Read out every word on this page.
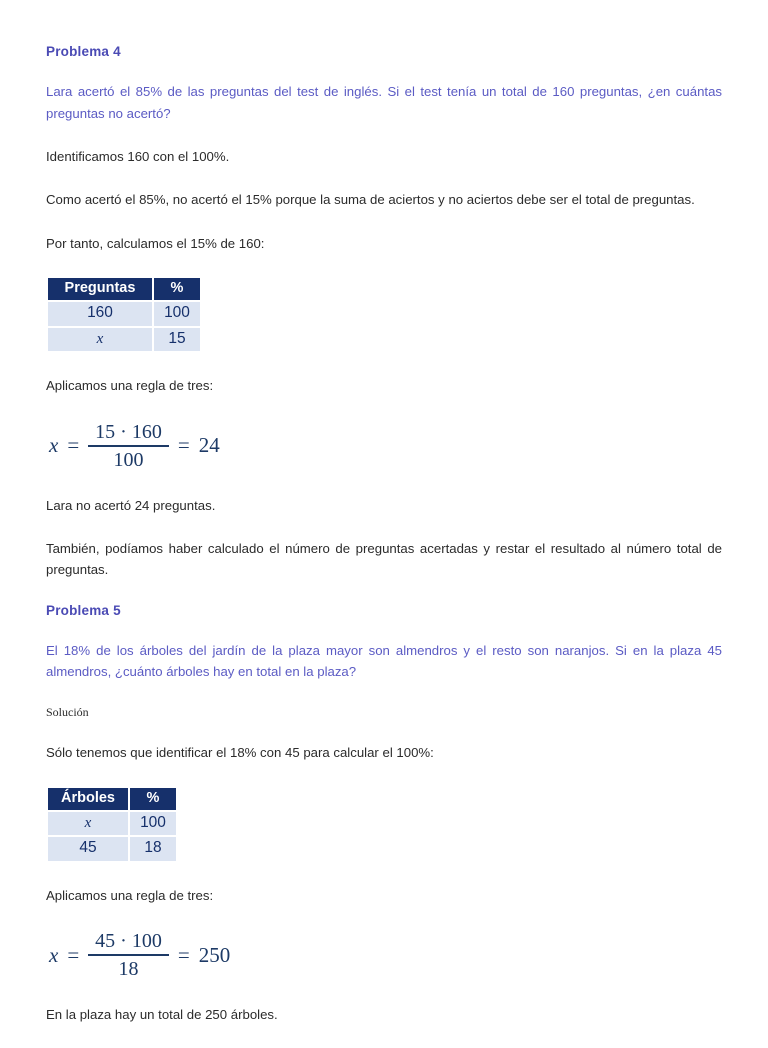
Problema 4

Lara acertó el 85% de las preguntas del test de inglés. Si el test tenía un total de 160 preguntas, ¿en cuántas preguntas no acertó?

Identificamos 160 con el 100%.

Como acertó el 85%, no acertó el 15% porque la suma de aciertos y no aciertos debe ser el total de preguntas.

Por tanto, calculamos el 15% de 160:

Preguntas	%
160	100
x	15

Aplicamos una regla de tres:

$x = \frac{15 \cdot 160}{100} = 24$

Lara no acertó 24 preguntas.

También, podíamos haber calculado el número de preguntas acertadas y restar el resultado al número total de preguntas.

Problema 5

El 18% de los árboles del jardín de la plaza mayor son almendros y el resto son naranjos. Si en la plaza 45 almendros, ¿cuánto árboles hay en total en la plaza?

Solución

Sólo tenemos que identificar el 18% con 45 para calcular el 100%:

Árboles	%
x	100
45	18

Aplicamos una regla de tres:

$x = \frac{45 \cdot 100}{18} = 250$

En la plaza hay un total de 250 árboles.
